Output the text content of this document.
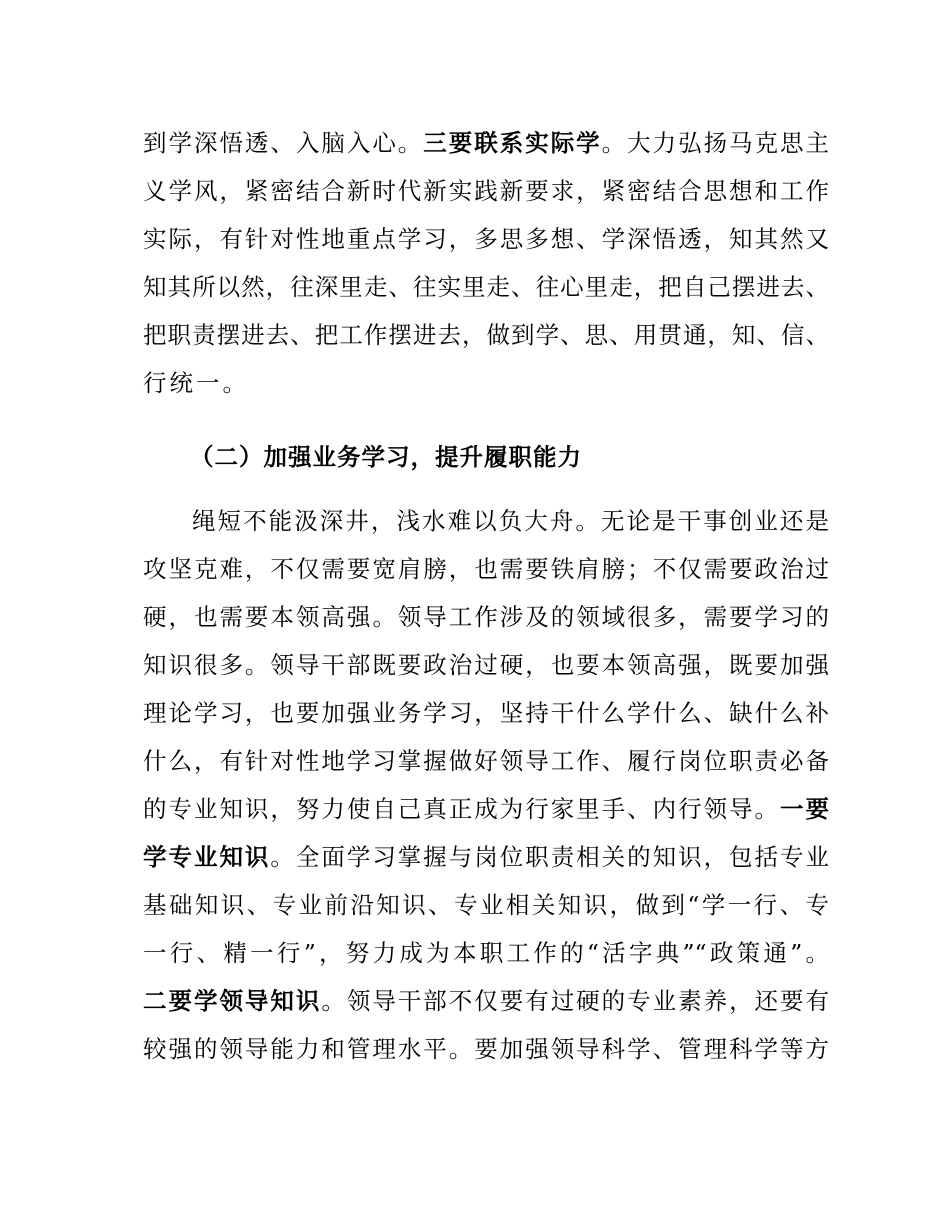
到学深悟透、入脑入心。三要联系实际学。大力弘扬马克思主

义学风，紧密结合新时代新实践新要求，紧密结合思想和工作

实际，有针对性地重点学习，多思多想、学深悟透，知其然又

知其所以然，往深里走、往实里走、往心里走，把自己摆进去、

把职责摆进去、把工作摆进去，做到学、思、用贯通，知、信、

行统一。

（二）加强业务学习，提升履职能力

绳短不能汲深井，浅水难以负大舟。无论是干事创业还是

攻坚克难，不仅需要宽肩膀，也需要铁肩膀；不仅需要政治过

硬，也需要本领高强。领导工作涉及的领域很多，需要学习的

知识很多。领导干部既要政治过硬，也要本领高强，既要加强

理论学习，也要加强业务学习，坚持干什么学什么、缺什么补

什么，有针对性地学习掌握做好领导工作、履行岗位职责必备

的专业知识，努力使自己真正成为行家里手、内行领导。一要

学专业知识。全面学习掌握与岗位职责相关的知识，包括专业

基础知识、专业前沿知识、专业相关知识，做到“学一行、专

一行、精一行”，努力成为本职工作的“活字典”“政策通”。

二要学领导知识。领导干部不仅要有过硬的专业素养，还要有

较强的领导能力和管理水平。要加强领导科学、管理科学等方
